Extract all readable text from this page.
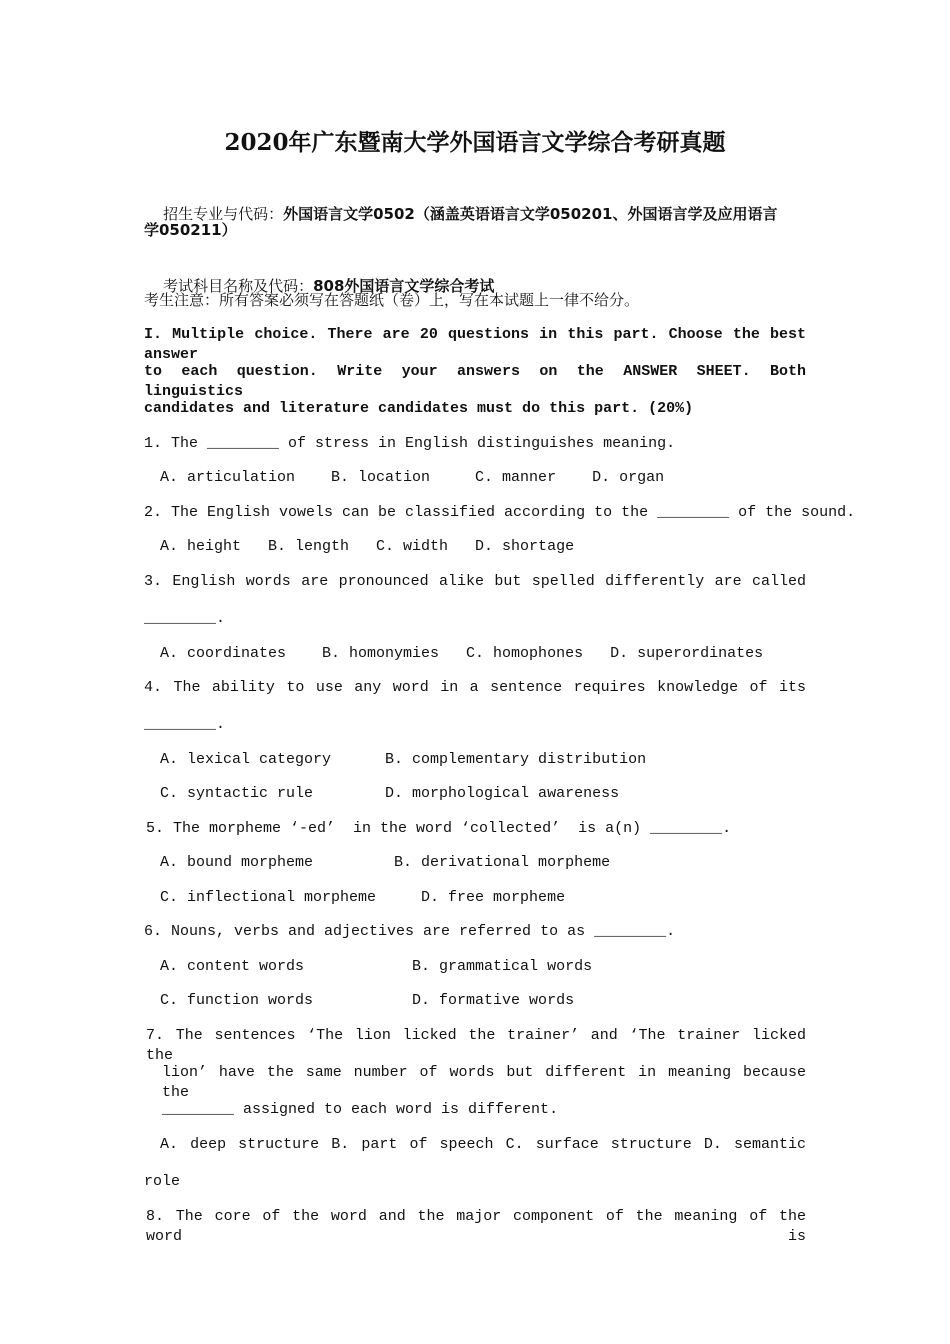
2020年广东暨南大学外国语言文学综合考研真题

招生专业与代码：外国语言文学0502（涵盖英语语言文学050201、外国语言学及应用语言

学050211）

考试科目名称及代码：808外国语言文学综合考试

考生注意：所有答案必须写在答题纸（卷）上，写在本试题上一律不给分。
I. Multiple choice. There are 20 questions in this part. Choose the best answer
to each question. Write your answers on the ANSWER SHEET. Both linguistics
candidates and literature candidates must do this part. (20%)
1. The ________ of stress in English distinguishes meaning.
A. articulation    B. location     C. manner    D. organ
2. The English vowels can be classified according to the ________ of the sound.
A. height   B. length   C. width   D. shortage
3. English words are pronounced alike but spelled differently are called
________.
A. coordinates    B. homonymies   C. homophones   D. superordinates
4. The ability to use any word in a sentence requires knowledge of its
________.
A. lexical category      B. complementary distribution
C. syntactic rule        D. morphological awareness
5. The morpheme ‘-ed’  in the word ‘collected’  is a(n) ________.
A. bound morpheme         B. derivational morpheme
C. inflectional morpheme     D. free morpheme
6. Nouns, verbs and adjectives are referred to as ________.
A. content words            B. grammatical words
C. function words           D. formative words
7. The sentences ‘The lion licked the trainer’ and ‘The trainer licked the
lion’ have the same number of words but different in meaning because the
________ assigned to each word is different.
A. deep structure B. part of speech C. surface structure D. semantic
role
8. The core of the word and the major component of the meaning of the word is
